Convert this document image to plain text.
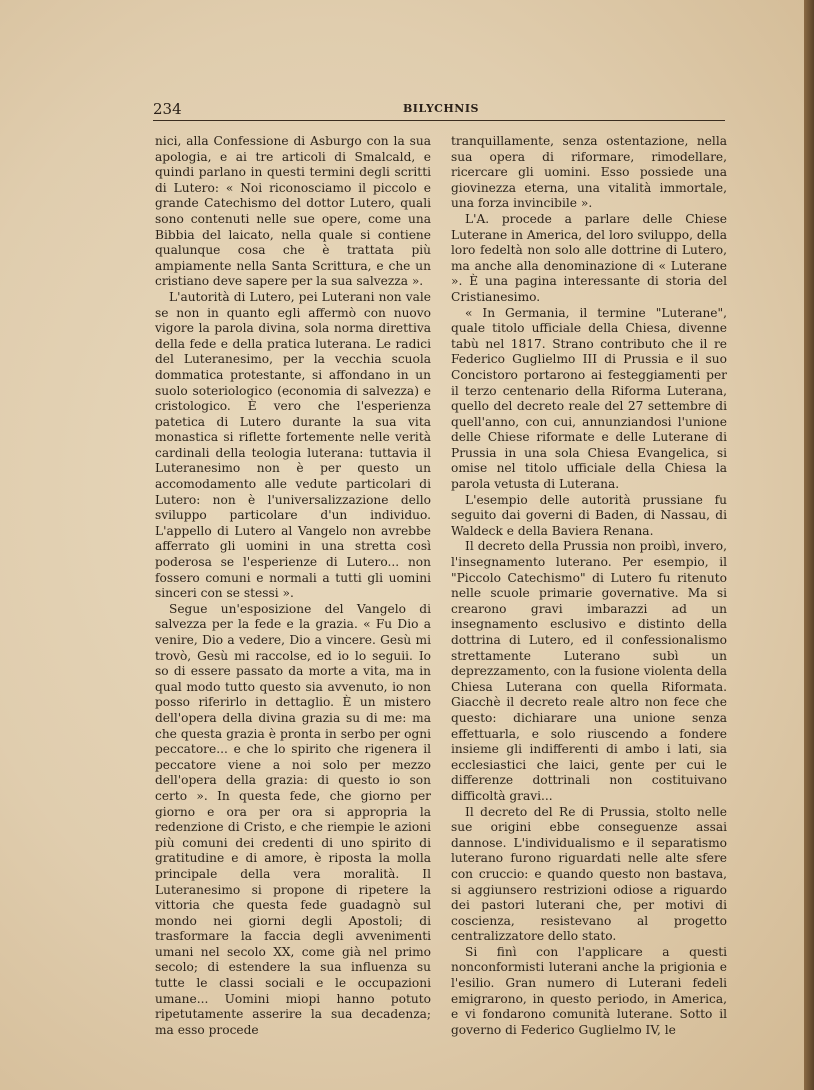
234	BILYCHNIS

nici, alla Confessione di Asburgo con la sua apologia, e ai tre articoli di Smalcald, e quindi parlano in questi termini degli scritti di Lutero: « Noi riconosciamo il piccolo e grande Catechismo del dottor Lutero, quali sono contenuti nelle sue opere, come una Bibbia del laicato, nella quale si contiene qualunque cosa che è trattata più ampiamente nella Santa Scrittura, e che un cristiano deve sapere per la sua salvezza ».

L'autorità di Lutero, pei Luterani non vale se non in quanto egli affermò con nuovo vigore la parola divina, sola norma direttiva della fede e della pratica luterana. Le radici del Luteranesimo, per la vecchia scuola dommatica protestante, si affondano in un suolo soteriologico (economia di salvezza) e cristologico. È vero che l'esperienza patetica di Lutero durante la sua vita monastica si riflette fortemente nelle verità cardinali della teologia luterana: tuttavia il Luteranesimo non è per questo un accomodamento alle vedute particolari di Lutero: non è l'universalizzazione dello sviluppo particolare d'un individuo. L'appello di Lutero al Vangelo non avrebbe afferrato gli uomini in una stretta così poderosa se l'esperienze di Lutero... non fossero comuni e normali a tutti gli uomini sinceri con se stessi ».

Segue un'esposizione del Vangelo di salvezza per la fede e la grazia. « Fu Dio a venire, Dio a vedere, Dio a vincere. Gesù mi trovò, Gesù mi raccolse, ed io lo seguii. Io so di essere passato da morte a vita, ma in qual modo tutto questo sia avvenuto, io non posso riferirlo in dettaglio. È un mistero dell'opera della divina grazia su di me: ma che questa grazia è pronta in serbo per ogni peccatore... e che lo spirito che rigenera il peccatore viene a noi solo per mezzo dell'opera della grazia: di questo io son certo ». In questa fede, che giorno per giorno e ora per ora si appropria la redenzione di Cristo, e che riempie le azioni più comuni dei credenti di uno spirito di gratitudine e di amore, è riposta la molla principale della vera moralità. Il Luteranesimo si propone di ripetere la vittoria che questa fede guadagnò sul mondo nei giorni degli Apostoli; di trasformare la faccia degli avvenimenti umani nel secolo XX, come già nel primo secolo; di estendere la sua influenza su tutte le classi sociali e le occupazioni umane... Uomini miopi hanno potuto ripetutamente asserire la sua decadenza; ma esso procede

tranquillamente, senza ostentazione, nella sua opera di riformare, rimodellare, ricercare gli uomini. Esso possiede una giovinezza eterna, una vitalità immortale, una forza invincibile ».

L'A. procede a parlare delle Chiese Luterane in America, del loro sviluppo, della loro fedeltà non solo alle dottrine di Lutero, ma anche alla denominazione di « Luterane ». È una pagina interessante di storia del Cristianesimo.

« In Germania, il termine "Luterane", quale titolo ufficiale della Chiesa, divenne tabù nel 1817. Strano contributo che il re Federico Guglielmo III di Prussia e il suo Concistoro portarono ai festeggiamenti per il terzo centenario della Riforma Luterana, quello del decreto reale del 27 settembre di quell'anno, con cui, annunziandosi l'unione delle Chiese riformate e delle Luterane di Prussia in una sola Chiesa Evangelica, si omise nel titolo ufficiale della Chiesa la parola vetusta di Luterana.

L'esempio delle autorità prussiane fu seguito dai governi di Baden, di Nassau, di Waldeck e della Baviera Renana.

Il decreto della Prussia non proibì, invero, l'insegnamento luterano. Per esempio, il "Piccolo Catechismo" di Lutero fu ritenuto nelle scuole primarie governative. Ma si crearono gravi imbarazzi ad un insegnamento esclusivo e distinto della dottrina di Lutero, ed il confessionalismo strettamente Luterano subì un deprezzamento, con la fusione violenta della Chiesa Luterana con quella Riformata. Giacchè il decreto reale altro non fece che questo: dichiarare una unione senza effettuarla, e solo riuscendo a fondere insieme gli indifferenti di ambo i lati, sia ecclesiastici che laici, gente per cui le differenze dottrinali non costituivano difficoltà gravi...

Il decreto del Re di Prussia, stolto nelle sue origini ebbe conseguenze assai dannose. L'individualismo e il separatismo luterano furono riguardati nelle alte sfere con cruccio: e quando questo non bastava, si aggiunsero restrizioni odiose a riguardo dei pastori luterani che, per motivi di coscienza, resistevano al progetto centralizzatore dello stato.

Si finì con l'applicare a questi nonconformisti luterani anche la prigionia e l'esilio. Gran numero di Luterani fedeli emigrarono, in questo periodo, in America, e vi fondarono comunità luterane. Sotto il governo di Federico Guglielmo IV, le
